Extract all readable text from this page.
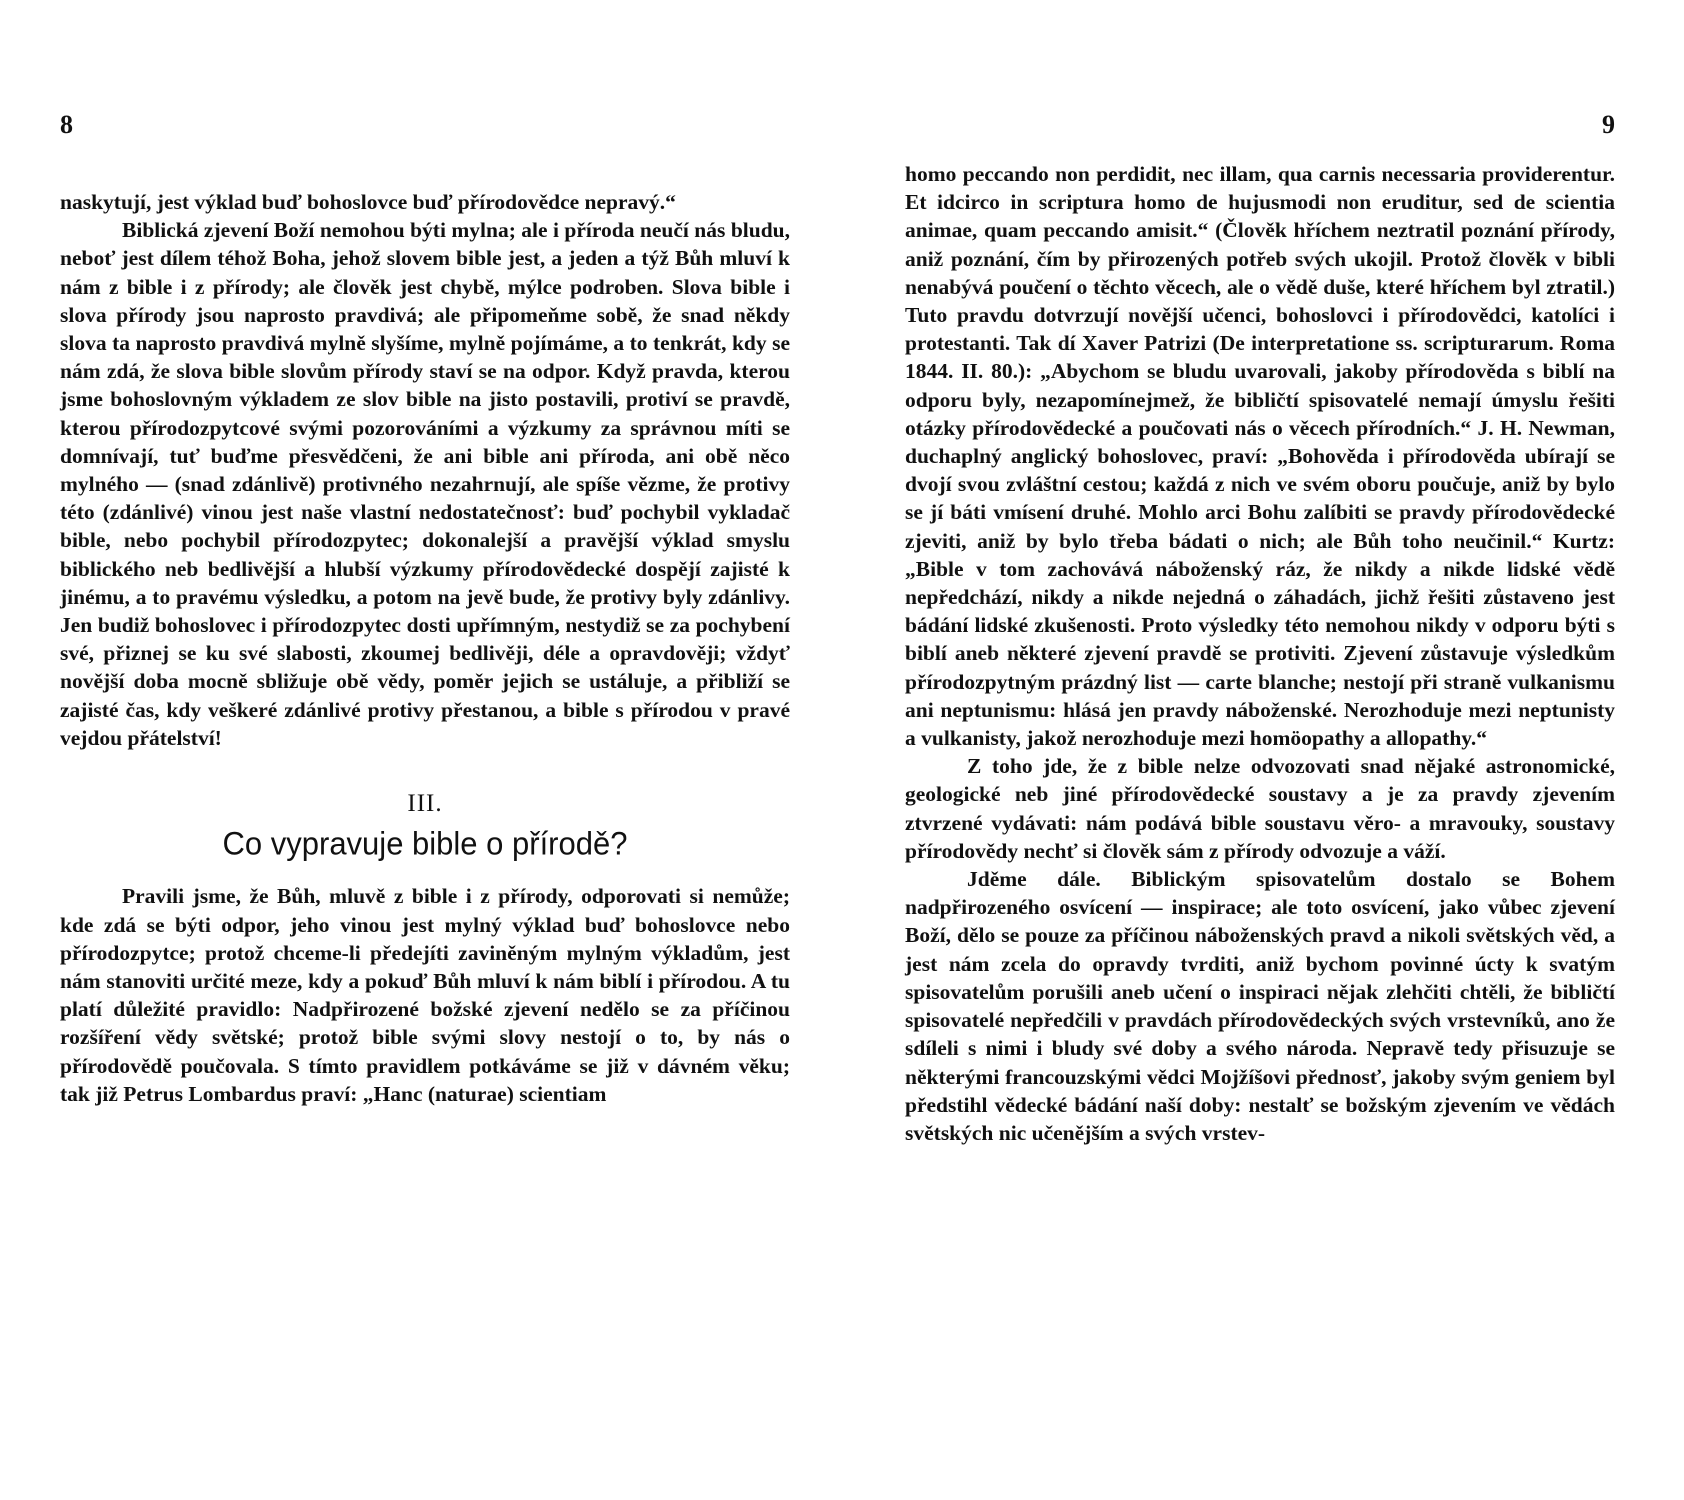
8

naskytují, jest výklad buď bohoslovce buď přírodovědce nepravý.“

Biblická zjevení Boží nemohou býti mylna; ale i příroda neučí nás bludu, neboť jest dílem téhož Boha, jehož slovem bible jest, a jeden a týž Bůh mluví k nám z bible i z přírody; ale člověk jest chybě, mýlce podroben. Slova bible i slova přírody jsou naprosto pravdivá; ale připomeňme sobě, že snad někdy slova ta naprosto pravdivá mylně slyšíme, mylně pojímáme, a to tenkrát, kdy se nám zdá, že slova bible slovům přírody staví se na odpor. Když pravda, kterou jsme bohoslovným výkladem ze slov bible na jisto postavili, protiví se pravdě, kterou přírodozpytcové svými pozorováními a výzkumy za správnou míti se domnívají, tuť buďme přesvědčeni, že ani bible ani příroda, ani obě něco mylného — (snad zdánlivě) protivného nezahrnují, ale spíše vězme, že protivy této (zdánlivé) vinou jest naše vlastní nedostatečnosť: buď pochybil vykladač bible, nebo pochybil přírodozpytec; dokonalejší a pravější výklad smyslu biblického neb bedlivější a hlubší výzkumy přírodovědecké dospějí zajisté k jinému, a to pravému výsledku, a potom na jevě bude, že protivy byly zdánlivy. Jen budiž bohoslovec i přírodozpytec dosti upřímným, nestydiž se za pochybení své, přiznej se ku své slabosti, zkoumej bedlivěji, déle a opravdověji; vždyť novější doba mocně sbližuje obě vědy, poměr jejich se ustáluje, a přibliží se zajisté čas, kdy veškeré zdánlivé protivy přestanou, a bible s přírodou v pravé vejdou přátelství!

III.
Co vypravuje bible o přírodě?

Pravili jsme, že Bůh, mluvě z bible i z přírody, odporovati si nemůže; kde zdá se býti odpor, jeho vinou jest mylný výklad buď bohoslovce nebo přírodozpytce; protož chceme-li předejíti zaviněným mylným výkladům, jest nám stanoviti určité meze, kdy a pokuď Bůh mluví k nám biblí i přírodou. A tu platí důležité pravidlo: Nadpřirozené božské zjevení nedělo se za příčinou rozšíření vědy světské; protož bible svými slovy nestojí o to, by nás o přírodovědě poučovala. S tímto pravidlem potkáváme se již v dávném věku; tak již Petrus Lombardus praví: „Hanc (naturae) scientiam

9

homo peccando non perdidit, nec illam, qua carnis necessaria providerentur. Et idcirco in scriptura homo de hujusmodi non eruditur, sed de scientia animae, quam peccando amisit.“ (Člověk hříchem neztratil poznání přírody, aniž poznání, čím by přirozených potřeb svých ukojil. Protož člověk v bibli nenabývá poučení o těchto věcech, ale o vědě duše, které hříchem byl ztratil.) Tuto pravdu dotvrzují novější učenci, bohoslovci i přírodovědci, katolíci i protestanti. Tak dí Xaver Patrizi (De interpretatione ss. scripturarum. Roma 1844. II. 80.): „Abychom se bludu uvarovali, jakoby přírodověda s biblí na odporu byly, nezapomínejmež, že bibličtí spisovatelé nemají úmyslu řešiti otázky přírodovědecké a poučovati nás o věcech přírodních.“ J. H. Newman, duchaplný anglický bohoslovec, praví: „Bohověda i přírodověda ubírají se dvojí svou zvláštní cestou; každá z nich ve svém oboru poučuje, aniž by bylo se jí báti vmísení druhé. Mohlo arci Bohu zalíbiti se pravdy přírodovědecké zjeviti, aniž by bylo třeba bádati o nich; ale Bůh toho neučinil.“ Kurtz: „Bible v tom zachovává náboženský ráz, že nikdy a nikde lidské vědě nepředchází, nikdy a nikde nejedná o záhadách, jichž řešiti zůstaveno jest bádání lidské zkušenosti. Proto výsledky této nemohou nikdy v odporu býti s biblí aneb některé zjevení pravdě se protiviti. Zjevení zůstavuje výsledkům přírodozpytným prázdný list — carte blanche; nestojí při straně vulkanismu ani neptunismu: hlásá jen pravdy náboženské. Nerozhoduje mezi neptunisty a vulkanisty, jakož nerozhoduje mezi homöopathy a allopathy.“

Z toho jde, že z bible nelze odvozovati snad nějaké astronomické, geologické neb jiné přírodovědecké soustavy a je za pravdy zjevením ztvrzené vydávati: nám podává bible soustavu věro- a mravouky, soustavy přírodovědy nechť si člověk sám z přírody odvozuje a váží.

Jděme dále. Biblickým spisovatelům dostalo se Bohem nadpřirozeného osvícení — inspirace; ale toto osvícení, jako vůbec zjevení Boží, dělo se pouze za příčinou náboženských pravd a nikoli světských věd, a jest nám zcela do opravdy tvrditi, aniž bychom povinné úcty k svatým spisovatelům porušili aneb učení o inspiraci nějak zlehčiti chtěli, že bibličtí spisovatelé nepředčili v pravdách přírodovědeckých svých vrstevníků, ano že sdíleli s nimi i bludy své doby a svého národa. Nepravě tedy přisuzuje se některými francouzskými vědci Mojžíšovi přednosť, jakoby svým geniem byl předstihl vědecké bádání naší doby: nestalť se božským zjevením ve vědách světských nic učenějším a svých vrstev-
